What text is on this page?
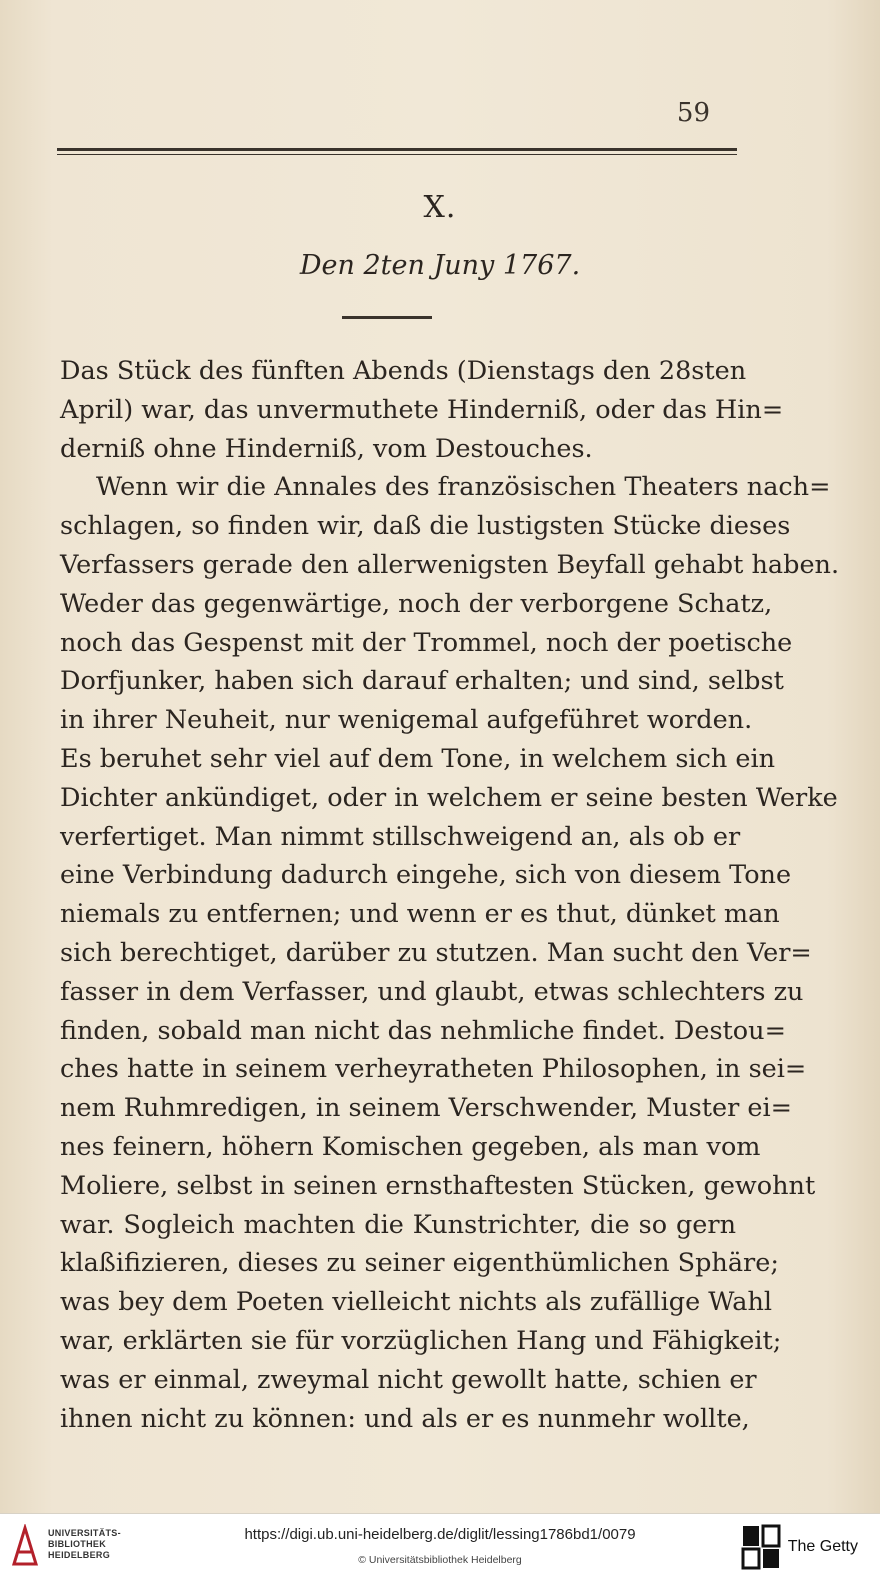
59
X.
Den 2ten Juny 1767.
Das Stück des fünften Abends (Dienstags den 28sten
April) war, das unvermuthete Hinderniß, oder das Hin=
derniß ohne Hinderniß, vom Destouches.
Wenn wir die Annales des französischen Theaters nach=
schlagen, so finden wir, daß die lustigsten Stücke dieses
Verfassers gerade den allerwenigsten Beyfall gehabt haben.
Weder das gegenwärtige, noch der verborgene Schatz,
noch das Gespenst mit der Trommel, noch der poetische
Dorfjunker, haben sich darauf erhalten; und sind, selbst
in ihrer Neuheit, nur wenigemal aufgeführet worden.
Es beruhet sehr viel auf dem Tone, in welchem sich ein
Dichter ankündiget, oder in welchem er seine besten Werke
verfertiget. Man nimmt stillschweigend an, als ob er
eine Verbindung dadurch eingehe, sich von diesem Tone
niemals zu entfernen; und wenn er es thut, dünket man
sich berechtiget, darüber zu stutzen. Man sucht den Ver=
fasser in dem Verfasser, und glaubt, etwas schlechters zu
finden, sobald man nicht das nehmliche findet. Destou=
ches hatte in seinem verheyratheten Philosophen, in sei=
nem Ruhmredigen, in seinem Verschwender, Muster ei=
nes feinern, höhern Komischen gegeben, als man vom
Moliere, selbst in seinen ernsthaftesten Stücken, gewohnt
war. Sogleich machten die Kunstrichter, die so gern
klaßifizieren, dieses zu seiner eigenthümlichen Sphäre;
was bey dem Poeten vielleicht nichts als zufällige Wahl
war, erklärten sie für vorzüglichen Hang und Fähigkeit;
was er einmal, zweymal nicht gewollt hatte, schien er
ihnen nicht zu können: und als er es nunmehr wollte,
UNIVERSITÄTS-
BIBLIOTHEK
HEIDELBERG
https://digi.ub.uni-heidelberg.de/diglit/lessing1786bd1/0079
© Universitätsbibliothek Heidelberg
The Getty
